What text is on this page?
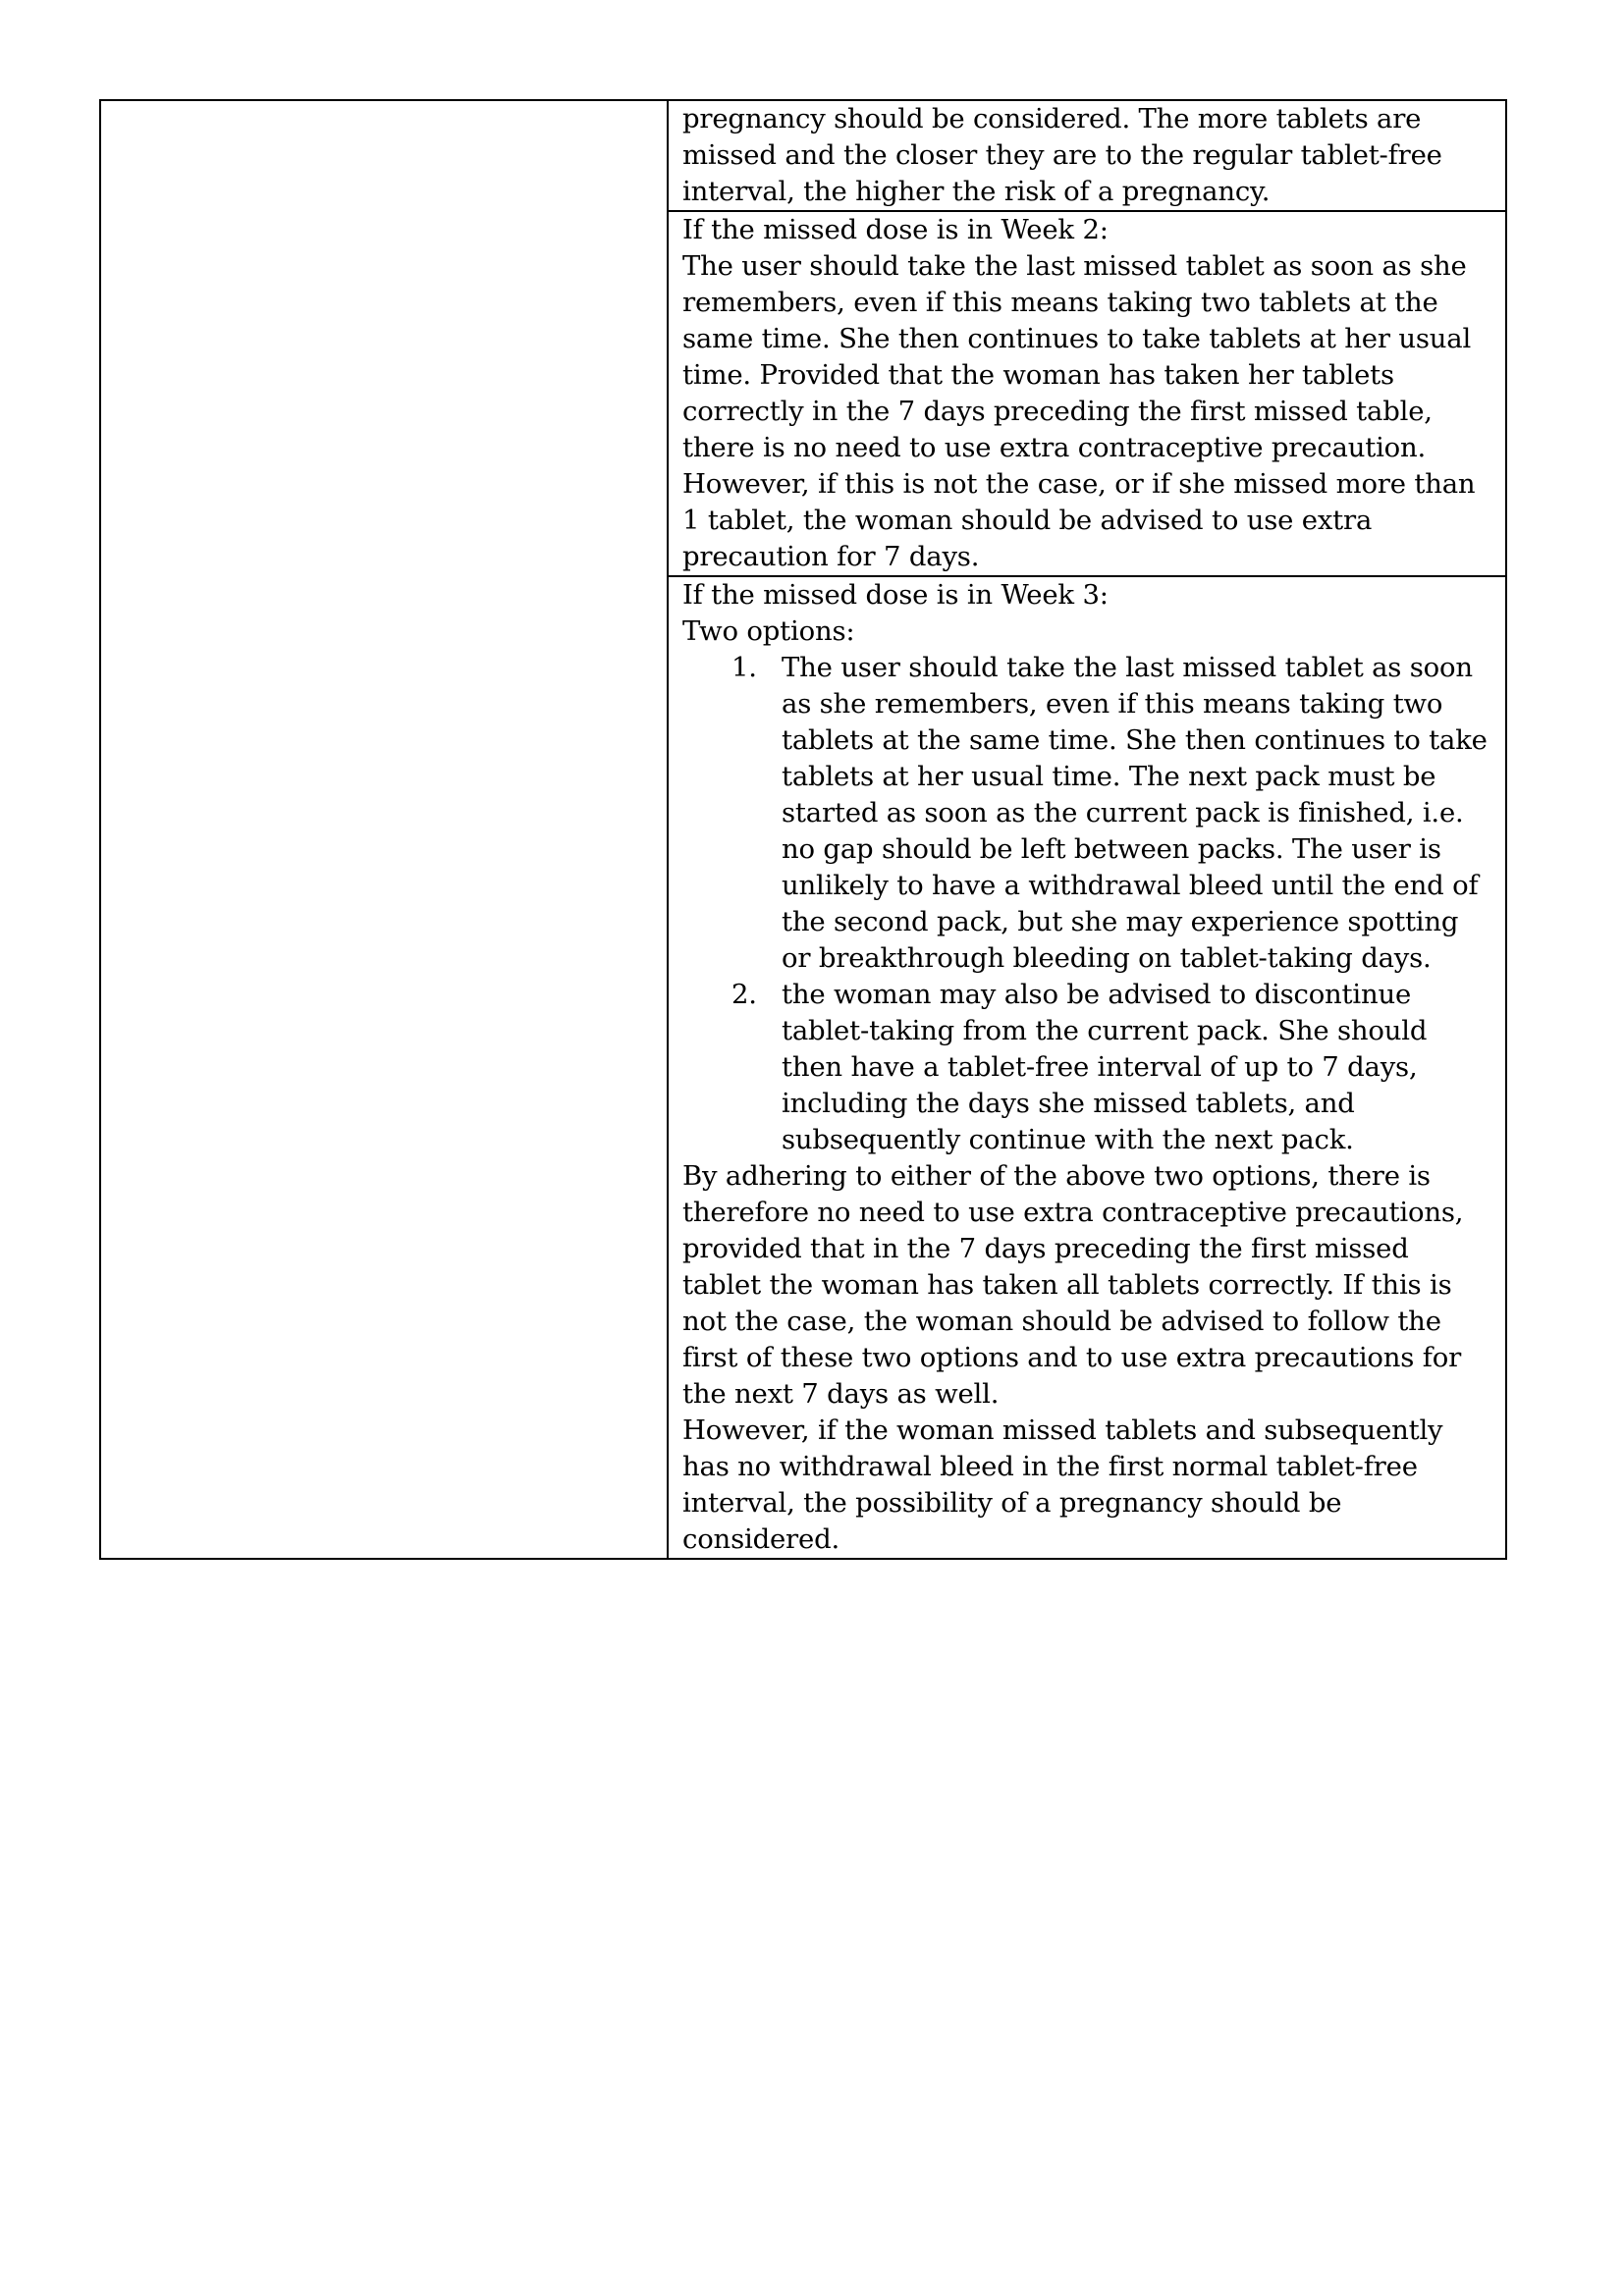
pregnancy should be considered. The more tablets are missed and the closer they are to the regular tablet-free interval, the higher the risk of a pregnancy.

If the missed dose is in Week 2:

The user should take the last missed tablet as soon as she remembers, even if this means taking two tablets at the same time. She then continues to take tablets at her usual time. Provided that the woman has taken her tablets correctly in the 7 days preceding the first missed table, there is no need to use extra contraceptive precaution. However, if this is not the case, or if she missed more than 1 tablet, the woman should be advised to use extra precaution for 7 days.

If the missed dose is in Week 3:

Two options:

1. The user should take the last missed tablet as soon as she remembers, even if this means taking two tablets at the same time. She then continues to take tablets at her usual time. The next pack must be started as soon as the current pack is finished, i.e. no gap should be left between packs. The user is unlikely to have a withdrawal bleed until the end of the second pack, but she may experience spotting or breakthrough bleeding on tablet-taking days.
2. the woman may also be advised to discontinue tablet-taking from the current pack. She should then have a tablet-free interval of up to 7 days, including the days she missed tablets, and subsequently continue with the next pack.

By adhering to either of the above two options, there is therefore no need to use extra contraceptive precautions, provided that in the 7 days preceding the first missed tablet the woman has taken all tablets correctly. If this is not the case, the woman should be advised to follow the first of these two options and to use extra precautions for the next 7 days as well.

However, if the woman missed tablets and subsequently has no withdrawal bleed in the first normal tablet-free interval, the possibility of a pregnancy should be considered.
